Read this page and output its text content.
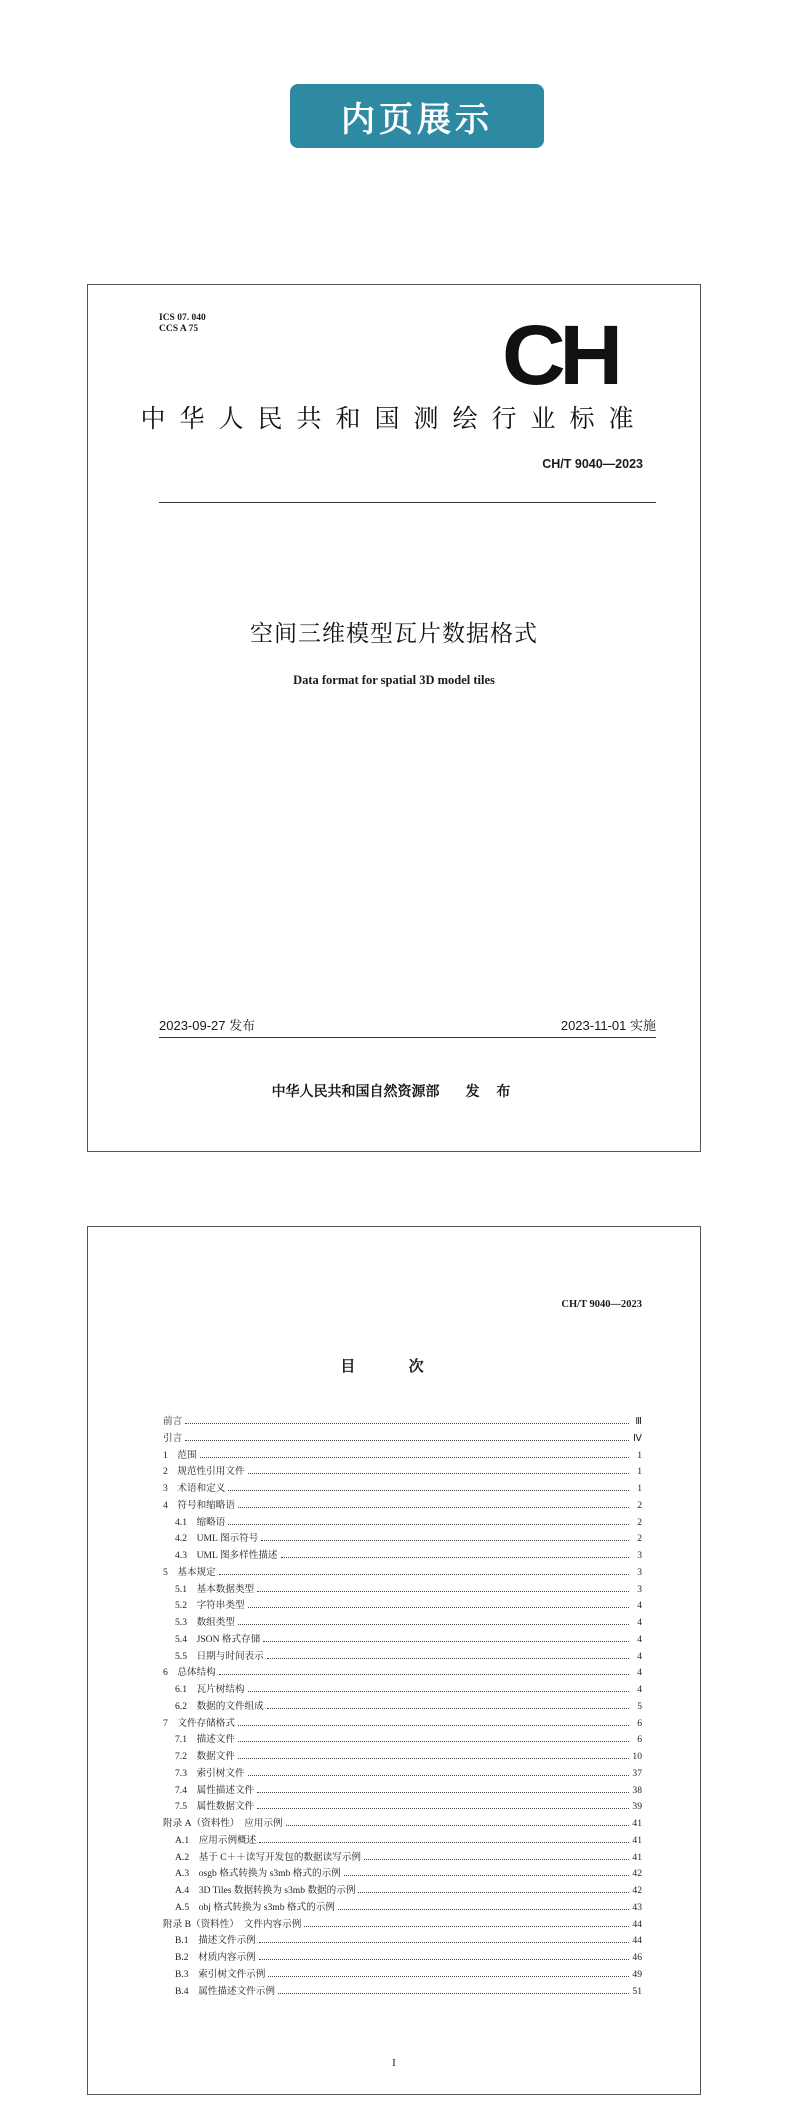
内页展示
ICS 07. 040
CCS A 75	CH
中华人民共和国测绘行业标准
CH/T 9040—2023
空间三维模型瓦片数据格式
Data format for spatial 3D model tiles
2023-09-27 发布	2023-11-01 实施
中华人民共和国自然资源部 发 布
CH/T 9040—2023
目 次
前言	Ⅲ
引言	Ⅳ
1　范围	1
2　规范性引用文件	1
3　术语和定义	1
4　符号和缩略语	2
4.1　缩略语	2
4.2　UML 图示符号	2
4.3　UML 图多样性描述	3
5　基本规定	3
5.1　基本数据类型	3
5.2　字符串类型	4
5.3　数组类型	4
5.4　JSON 格式存储	4
5.5　日期与时间表示	4
6　总体结构	4
6.1　瓦片树结构	4
6.2　数据的文件组成	5
7　文件存储格式	6
7.1　描述文件	6
7.2　数据文件	10
7.3　索引树文件	37
7.4　属性描述文件	38
7.5　属性数据文件	39
附录 A（资料性）　应用示例	41
A.1　应用示例概述	41
A.2　基于 C＋＋读写开发包的数据读写示例	41
A.3　osgb 格式转换为 s3mb 格式的示例	42
A.4　3D Tiles 数据转换为 s3mb 数据的示例	42
A.5　obj 格式转换为 s3mb 格式的示例	43
附录 B（资料性）　文件内容示例	44
B.1　描述文件示例	44
B.2　材质内容示例	46
B.3　索引树文件示例	49
B.4　属性描述文件示例	51
I
